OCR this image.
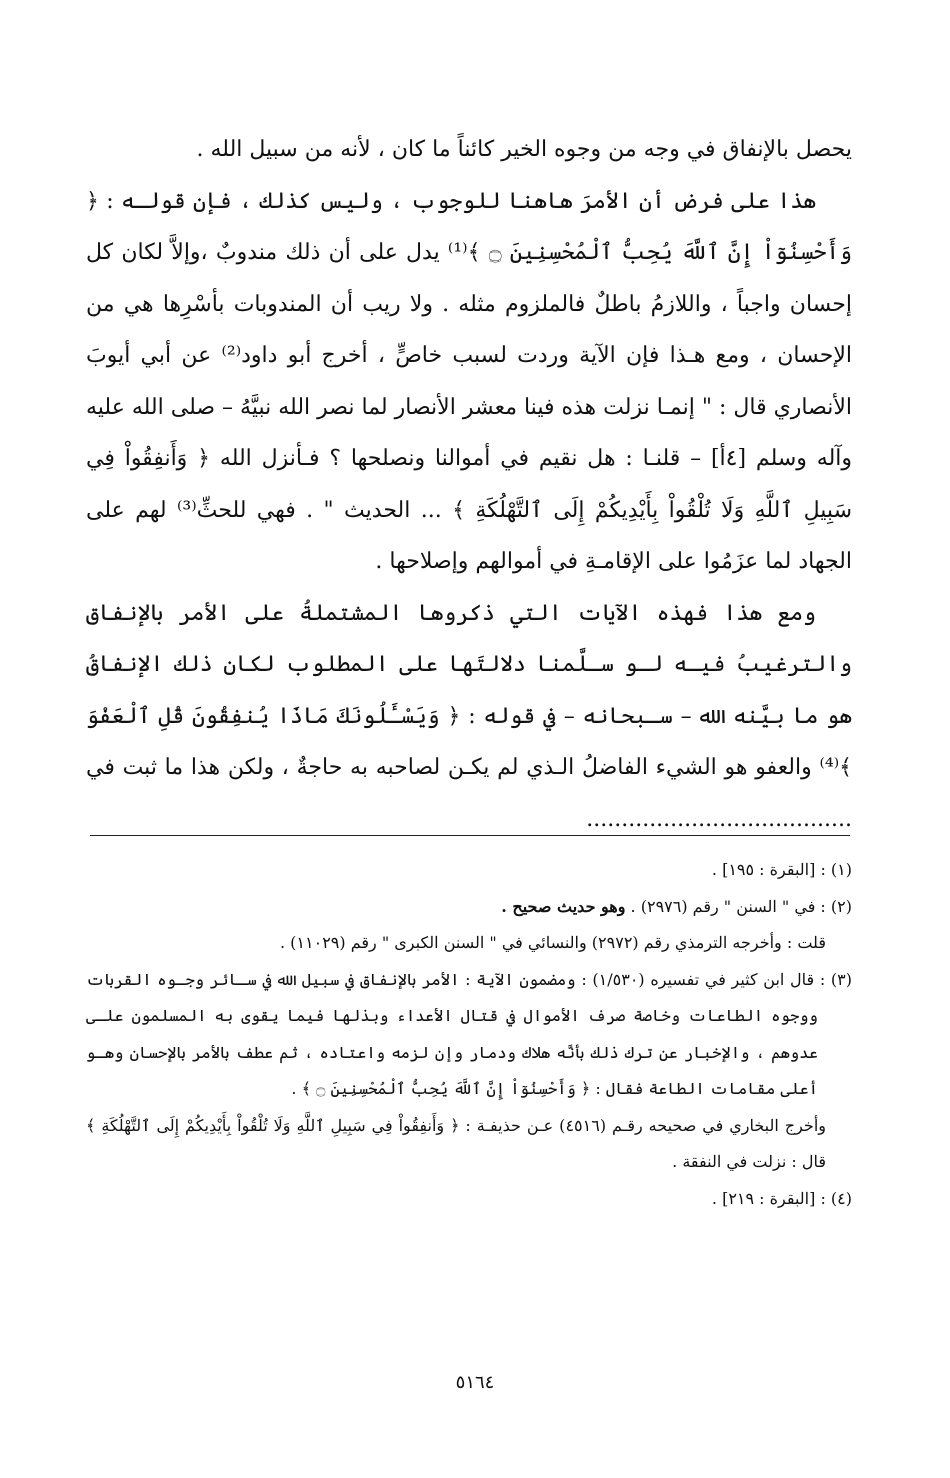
يحصل بالإنفاق في وجه من وجوه الخير كائناً ما كان ، لأنه من سبيل الله .

هذا على فرض أن الأمرَ هاهنا للوجوب ، وليس كذلك ، فإن قولـه : ﴿ وَأَحْسِنُوٓاْ إِنَّ ٱللَّهَ يُحِبُّ ٱلْمُحْسِنِينَ ۝ ﴾⁽¹⁾ يدل على أن ذلك مندوبٌ ،وإلاَّ لكان كل إحسان واجباً ، واللازمُ باطلٌ فالملزوم مثله . ولا ريب أن المندوبات بأسْرِها هي من الإحسان ، ومع هـذا فإن الآية وردت لسبب خاصٍّ ، أخرج أبو داود⁽²⁾ عن أبي أيوبَ الأنصاري قال : " إنمـا نزلت هذه فينا معشر الأنصار لما نصر الله نبيَّهُ – صلى الله عليه وآله وسلم [٤أ] – قلنـا : هل نقيم في أموالنا ونصلحها ؟ فـأنزل الله ﴿ وَأَنفِقُواْ فِي سَبِيلِ ٱللَّهِ وَلَا تُلْقُواْ بِأَيْدِيكُمْ إِلَى ٱلتَّهْلُكَةِ ﴾ ... الحديث " . فهي للحثِّ⁽³⁾ لهم على الجهاد لما عزَمُوا على الإقامـةِ في أموالهم وإصلاحها .

ومع هذا فهذه الآيات التي ذكروها المشتملةُ على الأمر بالإنفاق والترغيبُ فيـه لـو سـلَّمنا دلالتَها على المطلوب لكان ذلك الإنفاقُ هو ما بيَّنه الله – سـبحانه – في قوله : ﴿ وَيَسْـَٔلُونَكَ مَاذَا يُنفِقُونَ قُلِ ٱلْعَفْوَ ﴾⁽⁴⁾ والعفو هو الشيء الفاضلُ الـذي لم يكـن لصاحبه به حاجةٌ ، ولكن هذا ما ثبت في ......................................

(١) : [البقرة : ١٩٥] .

(٢) : في " السنن " رقم (٢٩٧٦) . وهو حديث صحيح .

قلت : وأخرجه الترمذي رقم (٢٩٧٢) والنسائي في " السنن الكبرى " رقم (١١٠٢٩) .

(٣) : قال ابن كثير في تفسيره (١/٥٣٠) : ومضمون الآية : الأمر بالإنفاق في سبيل الله في سـائر وجـوه القربات ووجوه الطاعات وخاصة صرف الأموال في قتال الأعداء وبذلها فيما يقوى به المسلمون علـى عدوهم ، والإخبار عن ترك ذلك بأنَّه هلاك ودمار وإن لزمه واعتاده ، ثم عطف بالأمر بالإحسان وهـو أعلى مقامات الطاعة فقال : ﴿ وَأَحْسِنُوٓاْ إِنَّ ٱللَّهَ يُحِبُّ ٱلْمُحْسِنِينَ ۝ ﴾ .

وأخرج البخاري في صحيحه رقـم (٤٥١٦) عـن حذيفـة : ﴿ وَأَنفِقُواْ فِي سَبِيلِ ٱللَّهِ وَلَا تُلْقُواْ بِأَيْدِيكُمْ إِلَى ٱلتَّهْلُكَةِ ﴾ قال : نزلت في النفقة .

(٤) : [البقرة : ٢١٩] .

٥١٦٤
